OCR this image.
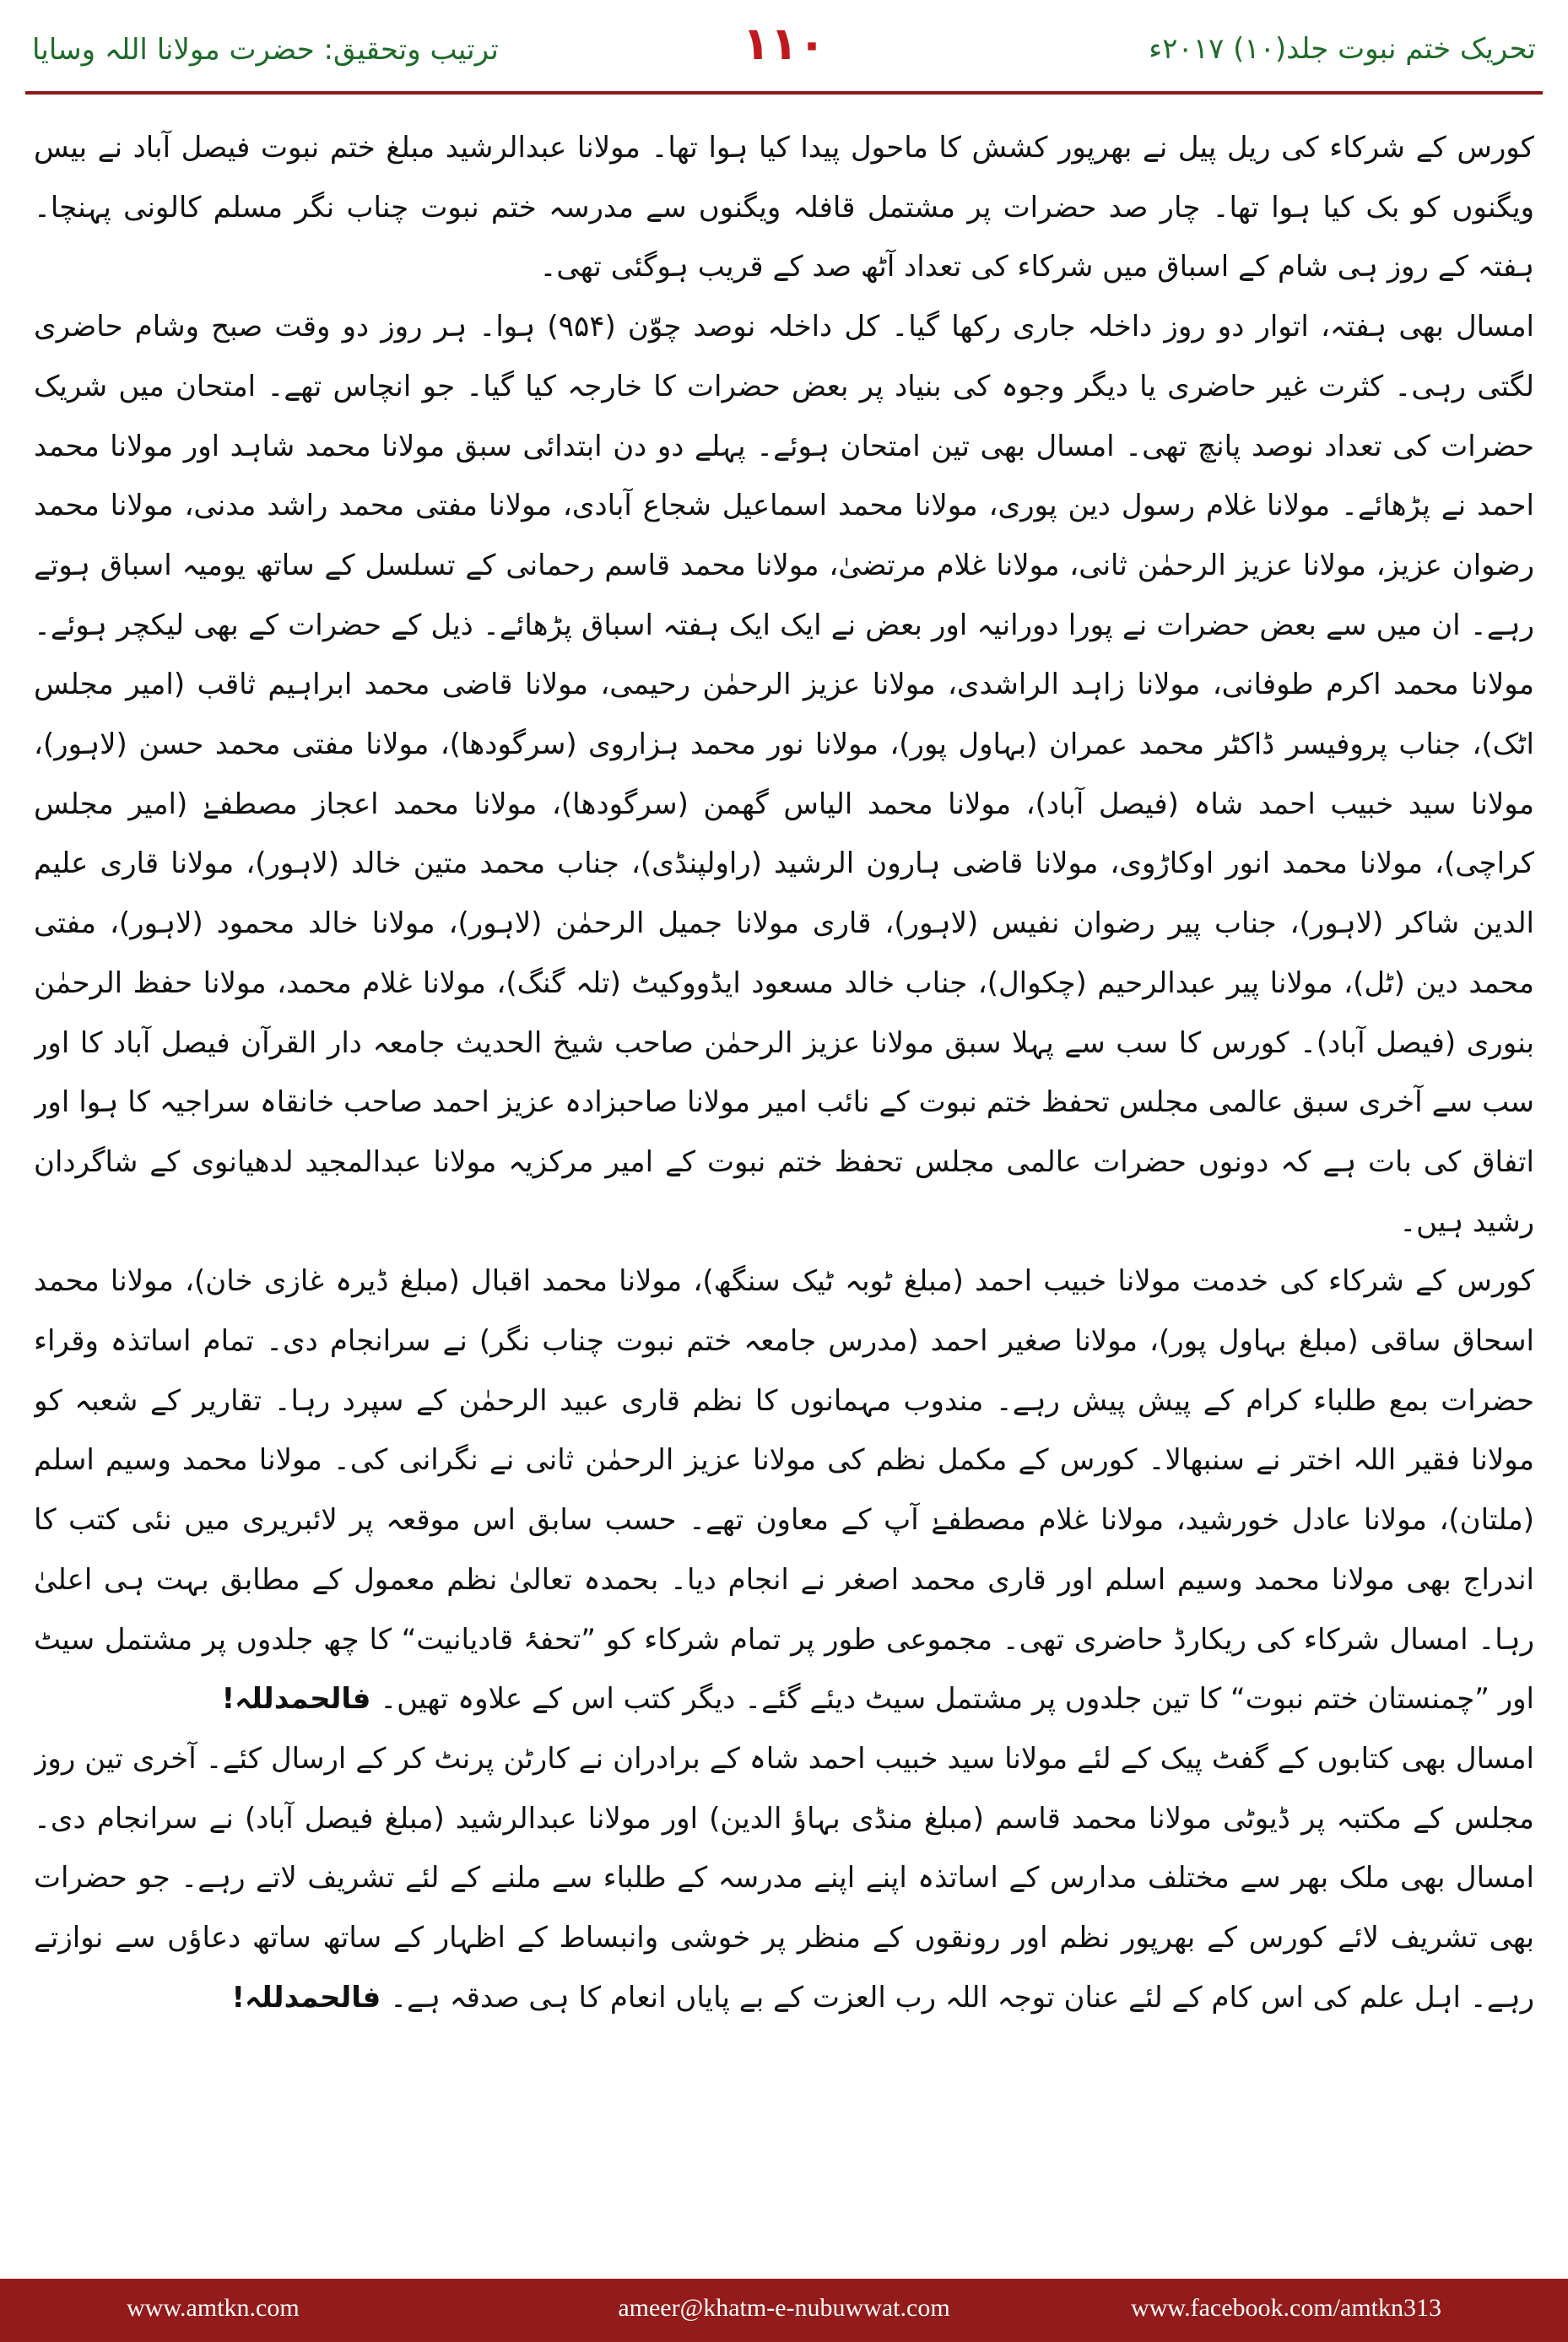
تحریک ختم نبوت جلد(۱۰) ۲۰۱۷ء
۱۱۰
ترتیب وتحقیق: حضرت مولانا اللہ وسایا

کورس کے شرکاء کی ریل پیل نے بھرپور کشش کا ماحول پیدا کیا ہوا تھا۔ مولانا عبدالرشید مبلغ ختم نبوت فیصل آباد نے بیس ویگنوں کو بک کیا ہوا تھا۔ چار صد حضرات پر مشتمل قافلہ ویگنوں سے مدرسہ ختم نبوت چناب نگر مسلم کالونی پہنچا۔ ہفتہ کے روز ہی شام کے اسباق میں شرکاء کی تعداد آٹھ صد کے قریب ہوگئی تھی۔

امسال بھی ہفتہ، اتوار دو روز داخلہ جاری رکھا گیا۔ کل داخلہ نوصد چوّن (۹۵۴) ہوا۔ ہر روز دو وقت صبح وشام حاضری لگتی رہی۔ کثرت غیر حاضری یا دیگر وجوہ کی بنیاد پر بعض حضرات کا خارجہ کیا گیا۔ جو انچاس تھے۔ امتحان میں شریک حضرات کی تعداد نوصد پانچ تھی۔ امسال بھی تین امتحان ہوئے۔ پہلے دو دن ابتدائی سبق مولانا محمد شاہد اور مولانا محمد احمد نے پڑھائے۔ مولانا غلام رسول دین پوری، مولانا محمد اسماعیل شجاع آبادی، مولانا مفتی محمد راشد مدنی، مولانا محمد رضوان عزیز، مولانا عزیز الرحمٰن ثانی، مولانا غلام مرتضیٰ، مولانا محمد قاسم رحمانی کے تسلسل کے ساتھ یومیہ اسباق ہوتے رہے۔ ان میں سے بعض حضرات نے پورا دورانیہ اور بعض نے ایک ایک ہفتہ اسباق پڑھائے۔ ذیل کے حضرات کے بھی لیکچر ہوئے۔ مولانا محمد اکرم طوفانی، مولانا زاہد الراشدی، مولانا عزیز الرحمٰن رحیمی، مولانا قاضی محمد ابراہیم ثاقب (امیر مجلس اٹک)، جناب پروفیسر ڈاکٹر محمد عمران (بہاول پور)، مولانا نور محمد ہزاروی (سرگودھا)، مولانا مفتی محمد حسن (لاہور)، مولانا سید خبیب احمد شاہ (فیصل آباد)، مولانا محمد الیاس گھمن (سرگودھا)، مولانا محمد اعجاز مصطفےٰ (امیر مجلس کراچی)، مولانا محمد انور اوکاڑوی، مولانا قاضی ہارون الرشید (راولپنڈی)، جناب محمد متین خالد (لاہور)، مولانا قاری علیم الدین شاکر (لاہور)، جناب پیر رضوان نفیس (لاہور)، قاری مولانا جمیل الرحمٰن (لاہور)، مولانا خالد محمود (لاہور)، مفتی محمد دین (ٹل)، مولانا پیر عبدالرحیم (چکوال)، جناب خالد مسعود ایڈووکیٹ (تلہ گنگ)، مولانا غلام محمد، مولانا حفظ الرحمٰن بنوری (فیصل آباد)۔ کورس کا سب سے پہلا سبق مولانا عزیز الرحمٰن صاحب شیخ الحدیث جامعہ دار القرآن فیصل آباد کا اور سب سے آخری سبق عالمی مجلس تحفظ ختم نبوت کے نائب امیر مولانا صاحبزادہ عزیز احمد صاحب خانقاہ سراجیہ کا ہوا اور اتفاق کی بات ہے کہ دونوں حضرات عالمی مجلس تحفظ ختم نبوت کے امیر مرکزیہ مولانا عبدالمجید لدھیانوی کے شاگردان رشید ہیں۔

کورس کے شرکاء کی خدمت مولانا خبیب احمد (مبلغ ٹوبہ ٹیک سنگھ)، مولانا محمد اقبال (مبلغ ڈیرہ غازی خان)، مولانا محمد اسحاق ساقی (مبلغ بہاول پور)، مولانا صغیر احمد (مدرس جامعہ ختم نبوت چناب نگر) نے سرانجام دی۔ تمام اساتذہ وقراء حضرات بمع طلباء کرام کے پیش پیش رہے۔ مندوب مہمانوں کا نظم قاری عبید الرحمٰن کے سپرد رہا۔ تقاریر کے شعبہ کو مولانا فقیر اللہ اختر نے سنبھالا۔ کورس کے مکمل نظم کی مولانا عزیز الرحمٰن ثانی نے نگرانی کی۔ مولانا محمد وسیم اسلم (ملتان)، مولانا عادل خورشید، مولانا غلام مصطفےٰ آپ کے معاون تھے۔ حسب سابق اس موقعہ پر لائبریری میں نئی کتب کا اندراج بھی مولانا محمد وسیم اسلم اور قاری محمد اصغر نے انجام دیا۔ بحمدہ تعالیٰ نظم معمول کے مطابق بہت ہی اعلیٰ رہا۔ امسال شرکاء کی ریکارڈ حاضری تھی۔ مجموعی طور پر تمام شرکاء کو ”تحفۂ قادیانیت“ کا چھ جلدوں پر مشتمل سیٹ اور ”چمنستان ختم نبوت“ کا تین جلدوں پر مشتمل سیٹ دیئے گئے۔ دیگر کتب اس کے علاوہ تھیں۔ فالحمدللہ!

امسال بھی کتابوں کے گفٹ پیک کے لئے مولانا سید خبیب احمد شاہ کے برادران نے کارٹن پرنٹ کر کے ارسال کئے۔ آخری تین روز مجلس کے مکتبہ پر ڈیوٹی مولانا محمد قاسم (مبلغ منڈی بہاؤ الدین) اور مولانا عبدالرشید (مبلغ فیصل آباد) نے سرانجام دی۔ امسال بھی ملک بھر سے مختلف مدارس کے اساتذہ اپنے اپنے مدرسہ کے طلباء سے ملنے کے لئے تشریف لاتے رہے۔ جو حضرات بھی تشریف لائے کورس کے بھرپور نظم اور رونقوں کے منظر پر خوشی وانبساط کے اظہار کے ساتھ ساتھ دعاؤں سے نوازتے رہے۔ اہل علم کی اس کام کے لئے عنان توجہ اللہ رب العزت کے بے پایاں انعام کا ہی صدقہ ہے۔ فالحمدللہ!

www.amtkn.com	ameer@khatm-e-nubuwwat.com	www.facebook.com/amtkn313
